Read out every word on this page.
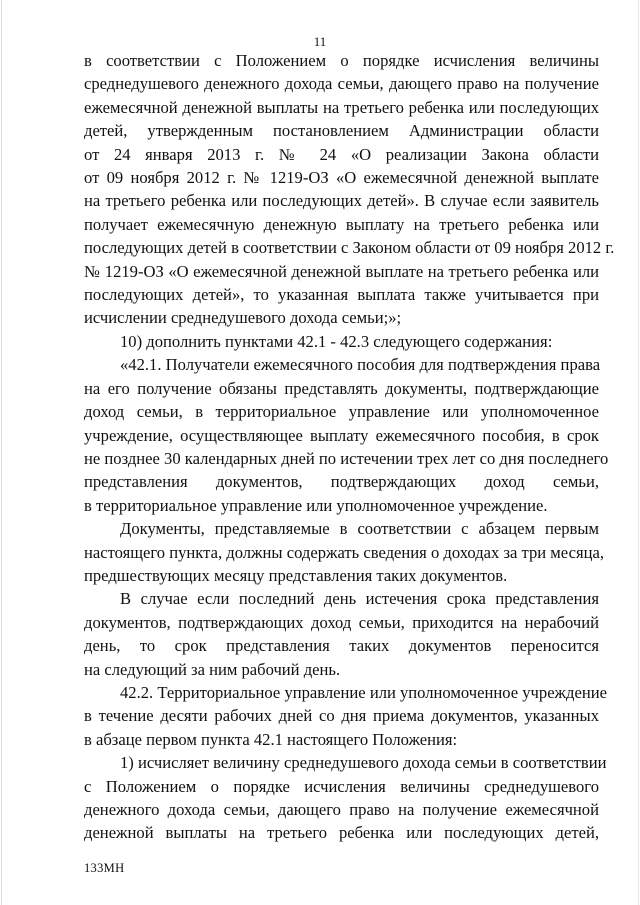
11
в соответствии с Положением о порядке исчисления величины
среднедушевого денежного дохода семьи, дающего право на получение
ежемесячной денежной выплаты на третьего ребенка или последующих
детей, утвержденным постановлением Администрации области
от 24 января 2013 г. № 24 «О реализации Закона области
от 09 ноября 2012 г. № 1219-ОЗ «О ежемесячной денежной выплате
на третьего ребенка или последующих детей». В случае если заявитель
получает ежемесячную денежную выплату на третьего ребенка или
последующих детей в соответствии с Законом области от 09 ноября 2012 г.
№ 1219-ОЗ «О ежемесячной денежной выплате на третьего ребенка или
последующих детей», то указанная выплата также учитывается при
исчислении среднедушевого дохода семьи;»;
10) дополнить пунктами 42.1 - 42.3 следующего содержания:
«42.1. Получатели ежемесячного пособия для подтверждения права
на его получение обязаны представлять документы, подтверждающие
доход семьи, в территориальное управление или уполномоченное
учреждение, осуществляющее выплату ежемесячного пособия, в срок
не позднее 30 календарных дней по истечении трех лет со дня последнего
представления документов, подтверждающих доход семьи,
в территориальное управление или уполномоченное учреждение.
Документы, представляемые в соответствии с абзацем первым
настоящего пункта, должны содержать сведения о доходах за три месяца,
предшествующих месяцу представления таких документов.
В случае если последний день истечения срока представления
документов, подтверждающих доход семьи, приходится на нерабочий
день, то срок представления таких документов переносится
на следующий за ним рабочий день.
42.2. Территориальное управление или уполномоченное учреждение
в течение десяти рабочих дней со дня приема документов, указанных
в абзаце первом пункта 42.1 настоящего Положения:
1) исчисляет величину среднедушевого дохода семьи в соответствии
с Положением о порядке исчисления величины среднедушевого
денежного дохода семьи, дающего право на получение ежемесячной
денежной выплаты на третьего ребенка или последующих детей,
133МН
